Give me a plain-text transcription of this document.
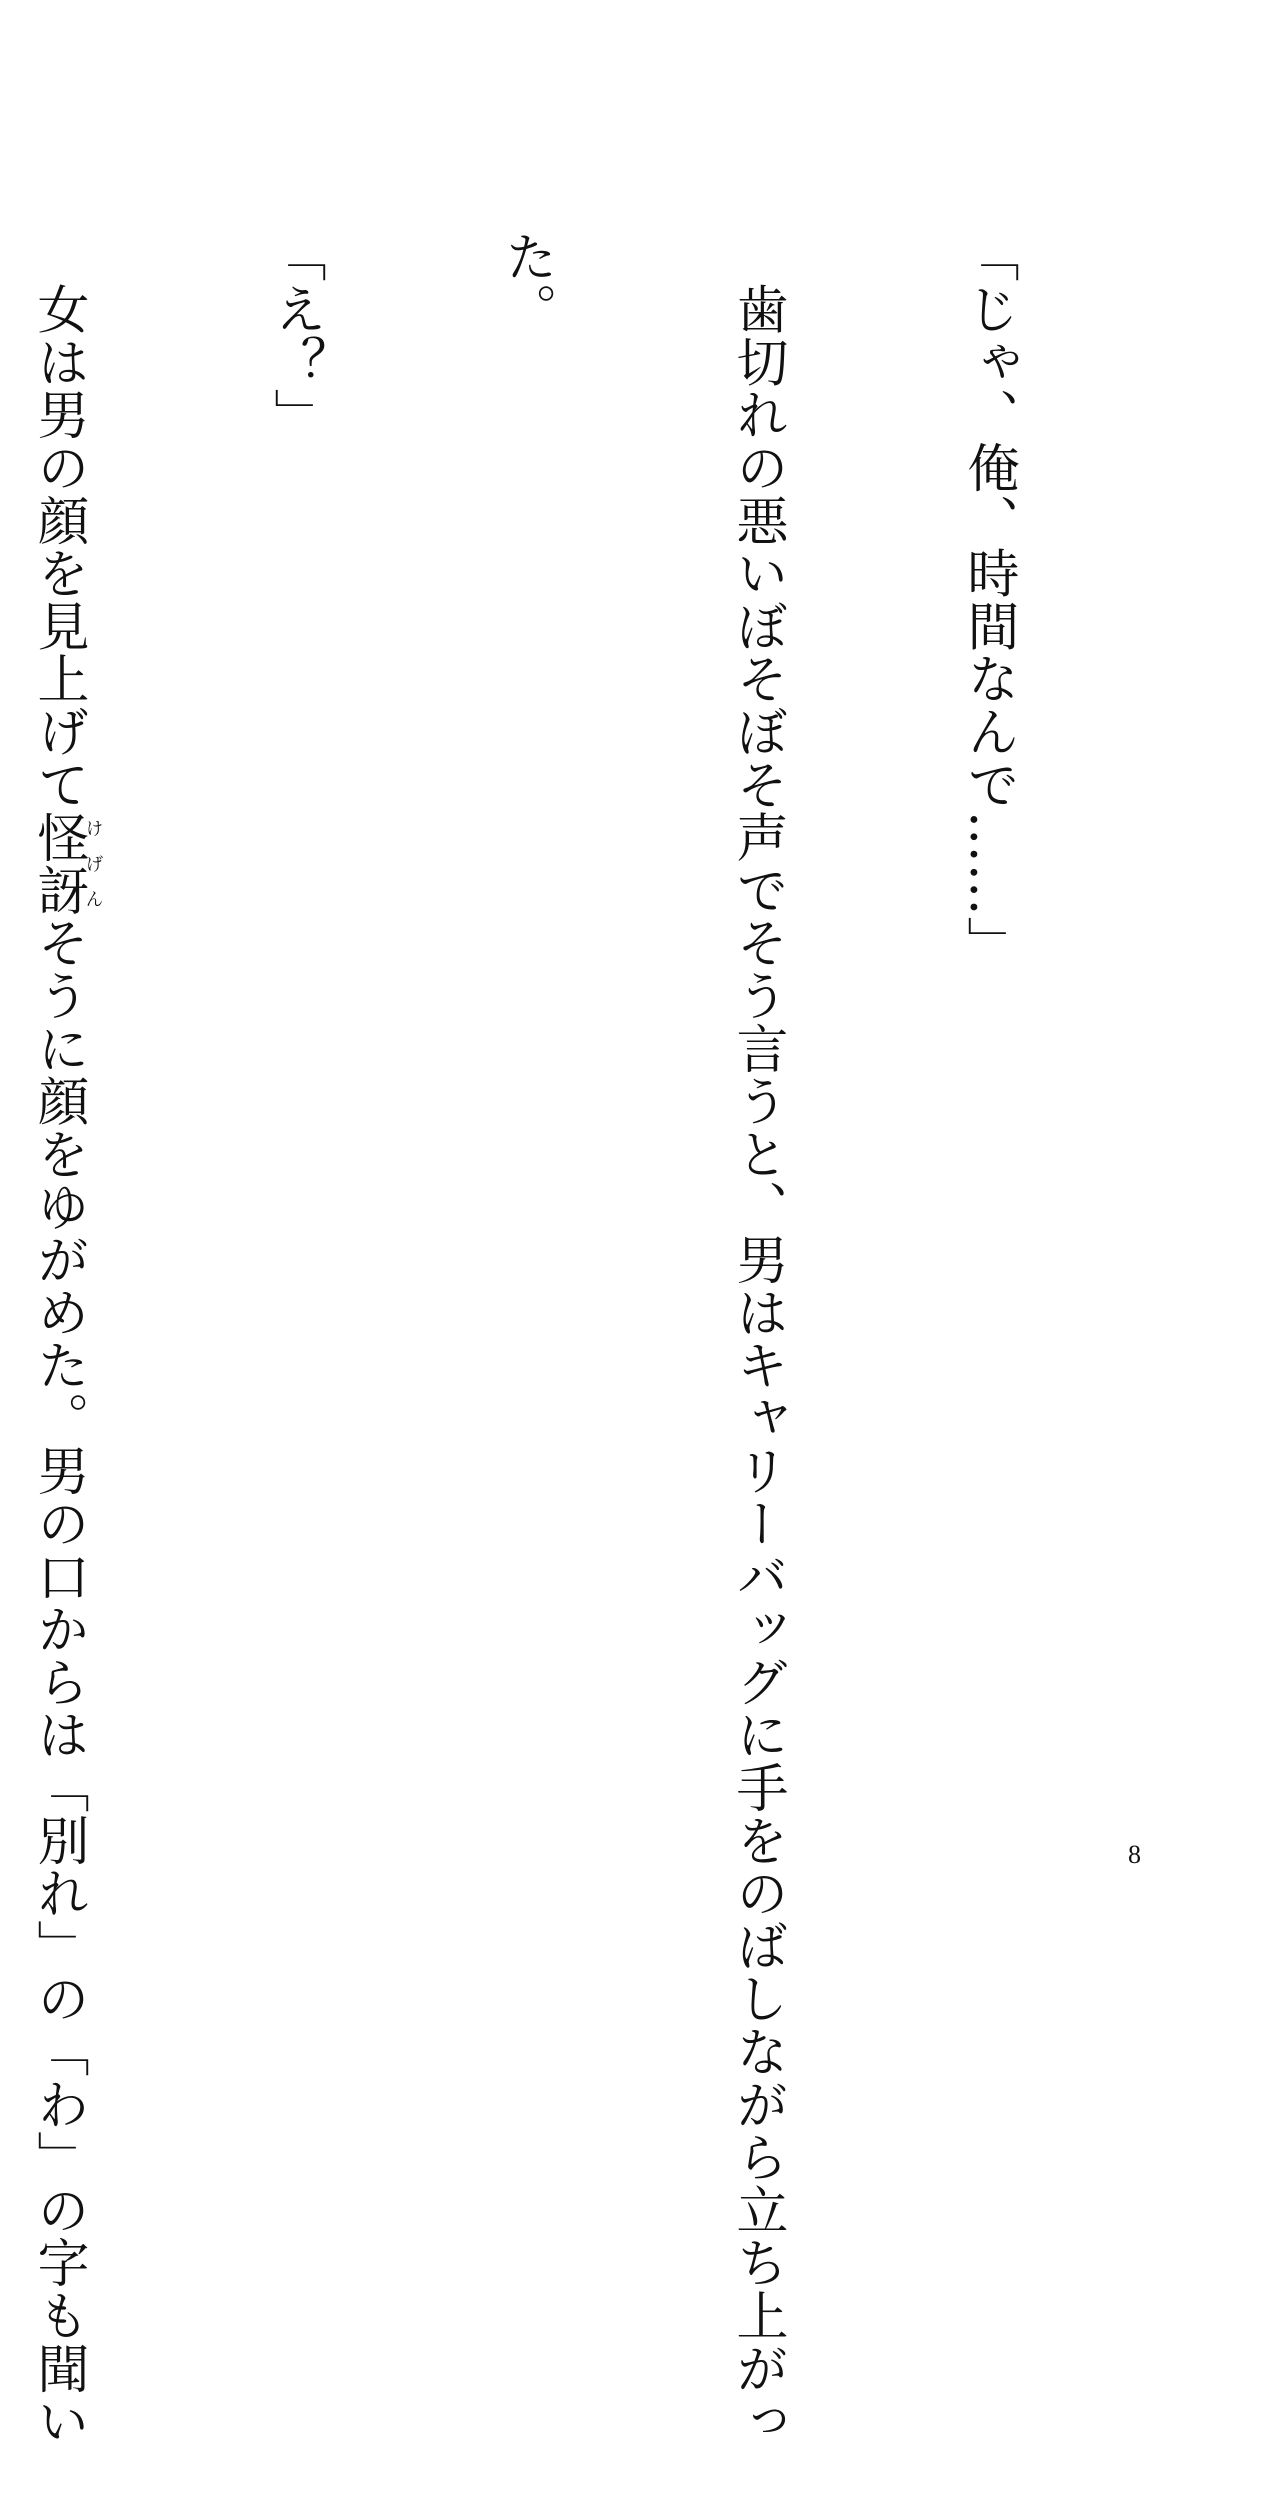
「じゃ、俺、時間なんで……」

　歯切れの悪いぼそぼそ声でそう言うと、男はキャリーバッグに手をのばしながら立ち上がっ

た。

「え？」

　女は男の顔を見上げて怪訝けげんそうに顔をゆがめた。男の口からは「別れ」の「わ」の字も聞い

	8
